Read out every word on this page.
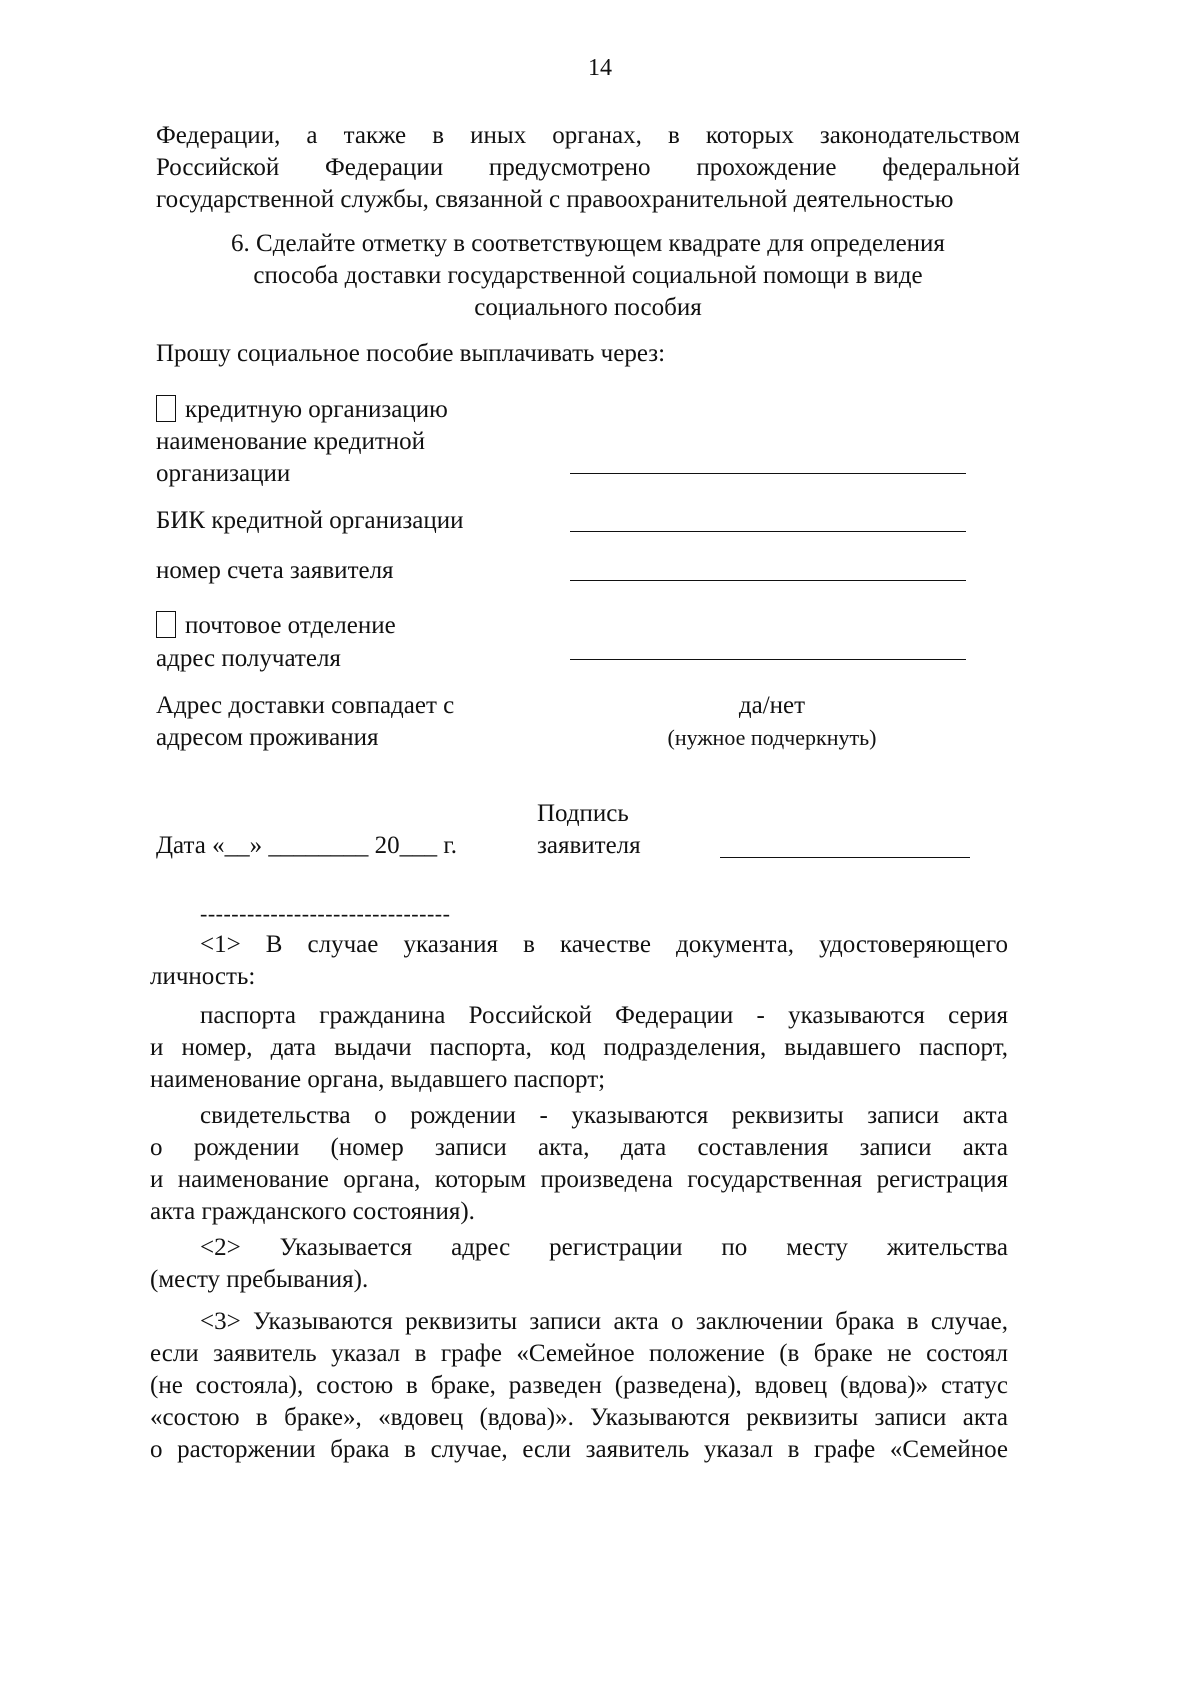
14
Федерации, а также в иных органах, в которых законодательством
Российской Федерации предусмотрено прохождение федеральной
государственной службы, связанной с правоохранительной деятельностью
6. Сделайте отметку в соответствующем квадрате для определения
способа доставки государственной социальной помощи в виде
социального пособия
Прошу социальное пособие выплачивать через:
кредитную организацию
наименование кредитной
организации
БИК кредитной организации
номер счета заявителя
почтовое отделение
адрес получателя
Адрес доставки совпадает с
адресом проживания
да/нет
(нужное подчеркнуть)
Дата «__» ________ 20___ г.
Подпись
заявителя
--------------------------------
<1> В случае указания в качестве документа, удостоверяющего
личность:
паспорта гражданина Российской Федерации - указываются серия
и номер, дата выдачи паспорта, код подразделения, выдавшего паспорт,
наименование органа, выдавшего паспорт;
свидетельства о рождении - указываются реквизиты записи акта
о рождении (номер записи акта, дата составления записи акта
и наименование органа, которым произведена государственная регистрация
акта гражданского состояния).
<2> Указывается адрес регистрации по месту жительства
(месту пребывания).
<3> Указываются реквизиты записи акта о заключении брака в случае,
если заявитель указал в графе «Семейное положение (в браке не состоял
(не состояла), состою в браке, разведен (разведена), вдовец (вдова)» статус
«состою в браке», «вдовец (вдова)». Указываются реквизиты записи акта
о расторжении брака в случае, если заявитель указал в графе «Семейное
